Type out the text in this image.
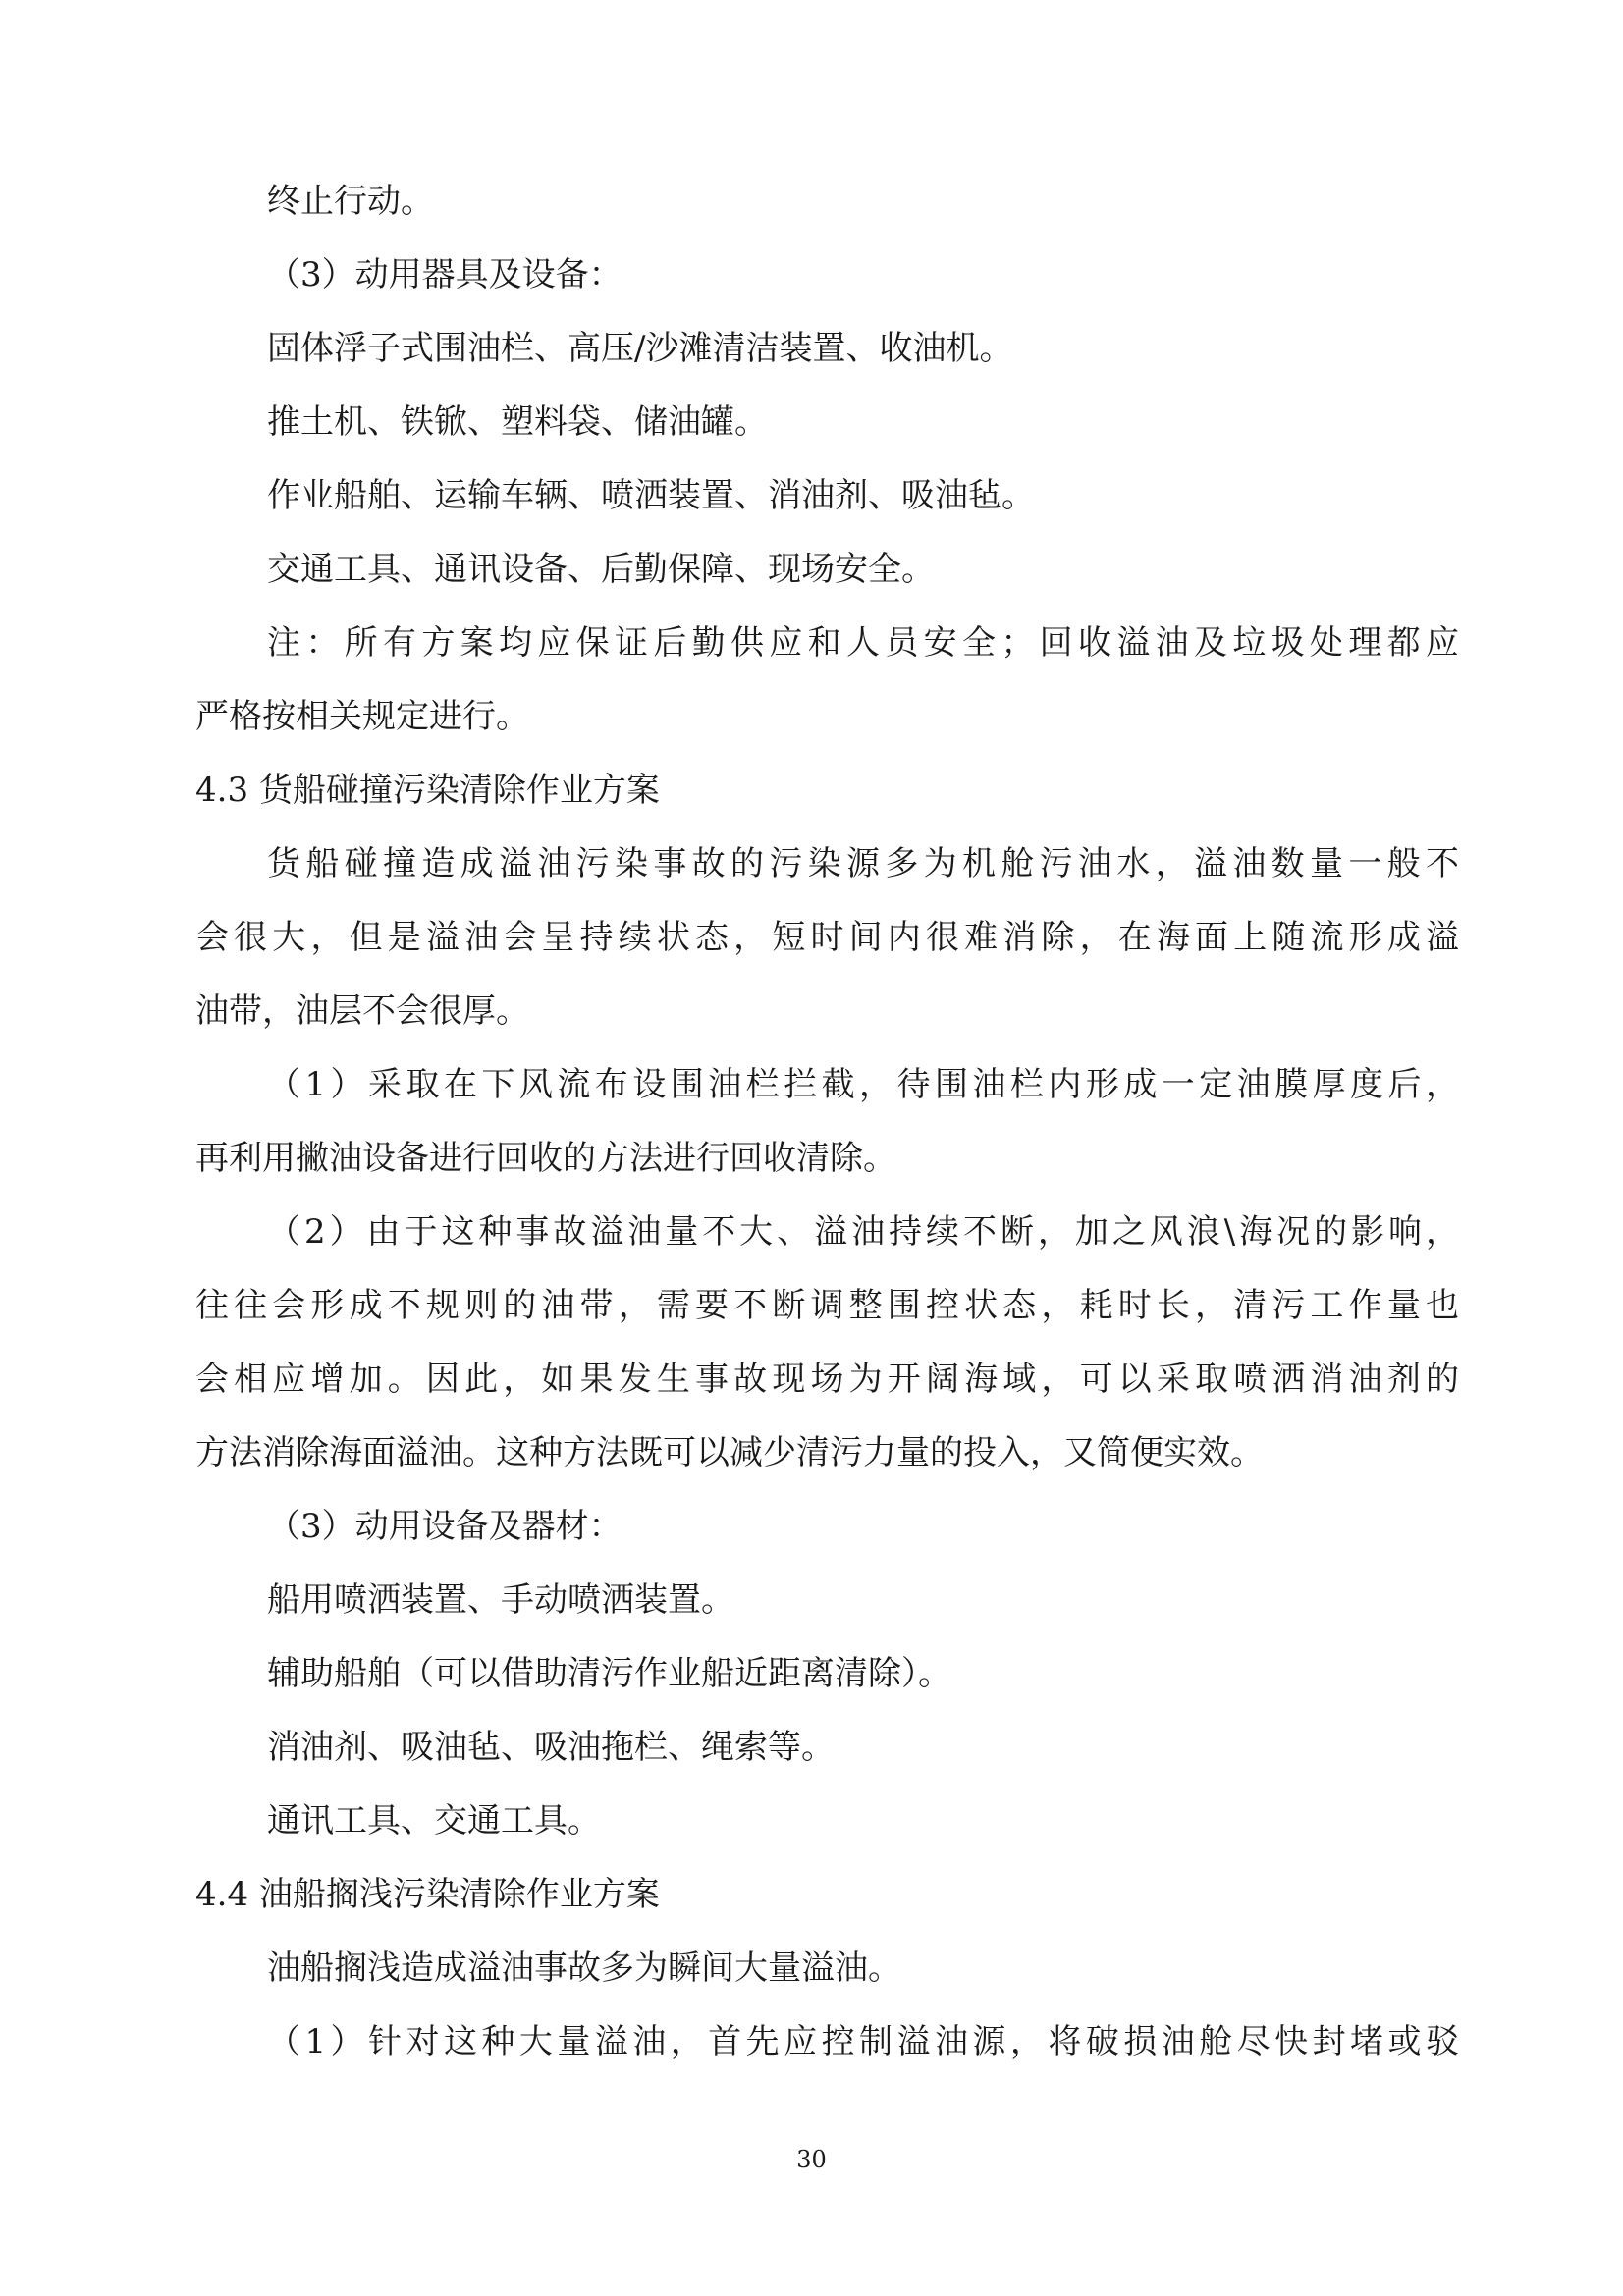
终止行动。
（3）动用器具及设备：
固体浮子式围油栏、高压/沙滩清洁装置、收油机。
推土机、铁锨、塑料袋、储油罐。
作业船舶、运输车辆、喷洒装置、消油剂、吸油毡。
交通工具、通讯设备、后勤保障、现场安全。
注：所有方案均应保证后勤供应和人员安全；回收溢油及垃圾处理都应
严格按相关规定进行。
4.3 货船碰撞污染清除作业方案
货船碰撞造成溢油污染事故的污染源多为机舱污油水，溢油数量一般不
会很大，但是溢油会呈持续状态，短时间内很难消除，在海面上随流形成溢
油带，油层不会很厚。
（1）采取在下风流布设围油栏拦截，待围油栏内形成一定油膜厚度后，
再利用撇油设备进行回收的方法进行回收清除。
（2）由于这种事故溢油量不大、溢油持续不断，加之风浪\海况的影响，
往往会形成不规则的油带，需要不断调整围控状态，耗时长，清污工作量也
会相应增加。因此，如果发生事故现场为开阔海域，可以采取喷洒消油剂的
方法消除海面溢油。这种方法既可以减少清污力量的投入，又简便实效。
（3）动用设备及器材：
船用喷洒装置、手动喷洒装置。
辅助船舶（可以借助清污作业船近距离清除）。
消油剂、吸油毡、吸油拖栏、绳索等。
通讯工具、交通工具。
4.4 油船搁浅污染清除作业方案
油船搁浅造成溢油事故多为瞬间大量溢油。
（1）针对这种大量溢油，首先应控制溢油源，将破损油舱尽快封堵或驳
30
